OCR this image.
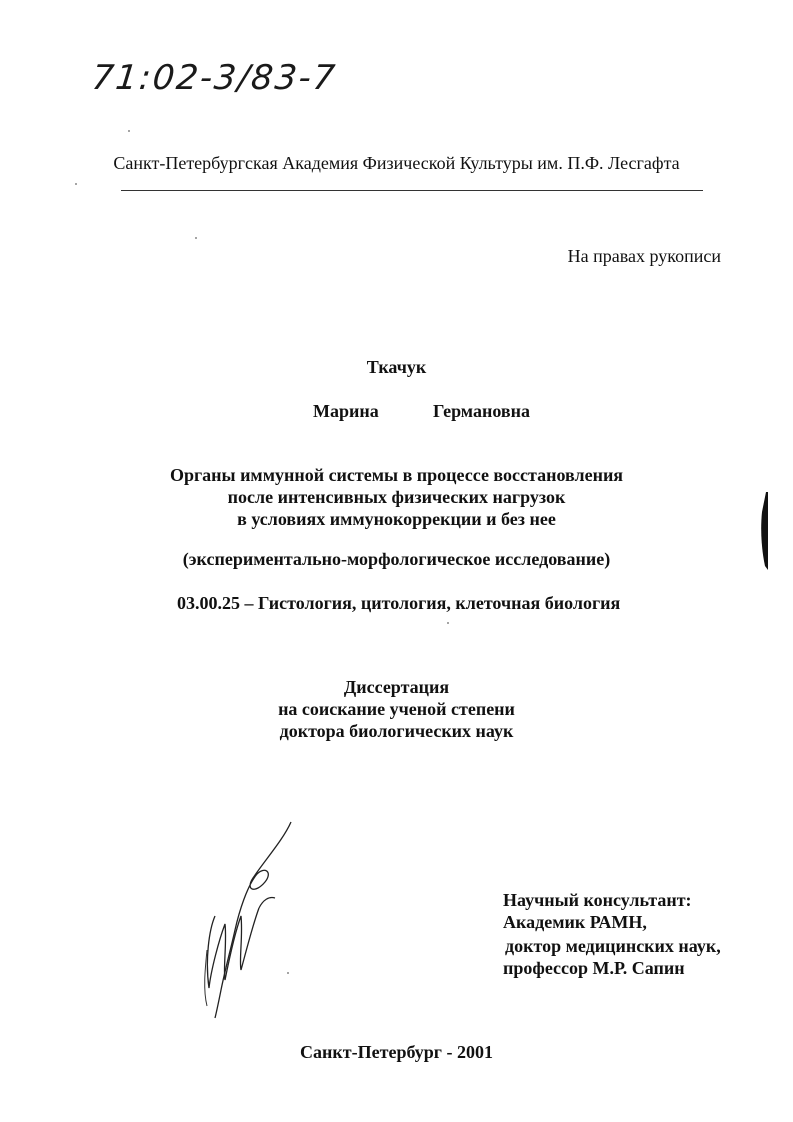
71:02-3/83-7
Санкт-Петербургская Академия Физической Культуры им. П.Ф. Лесгафта
На правах рукописи
Ткачук
Марина	Германовна
Органы иммунной системы в процессе восстановления
после интенсивных физических нагрузок
в условиях иммунокоррекции и без нее
(экспериментально-морфологическое исследование)
03.00.25 – Гистология, цитология, клеточная биология
Диссертация
на соискание ученой степени
доктора биологических наук
Научный консультант:
Академик РАМН,
доктор медицинских наук,
профессор М.Р. Сапин
Санкт-Петербург - 2001
